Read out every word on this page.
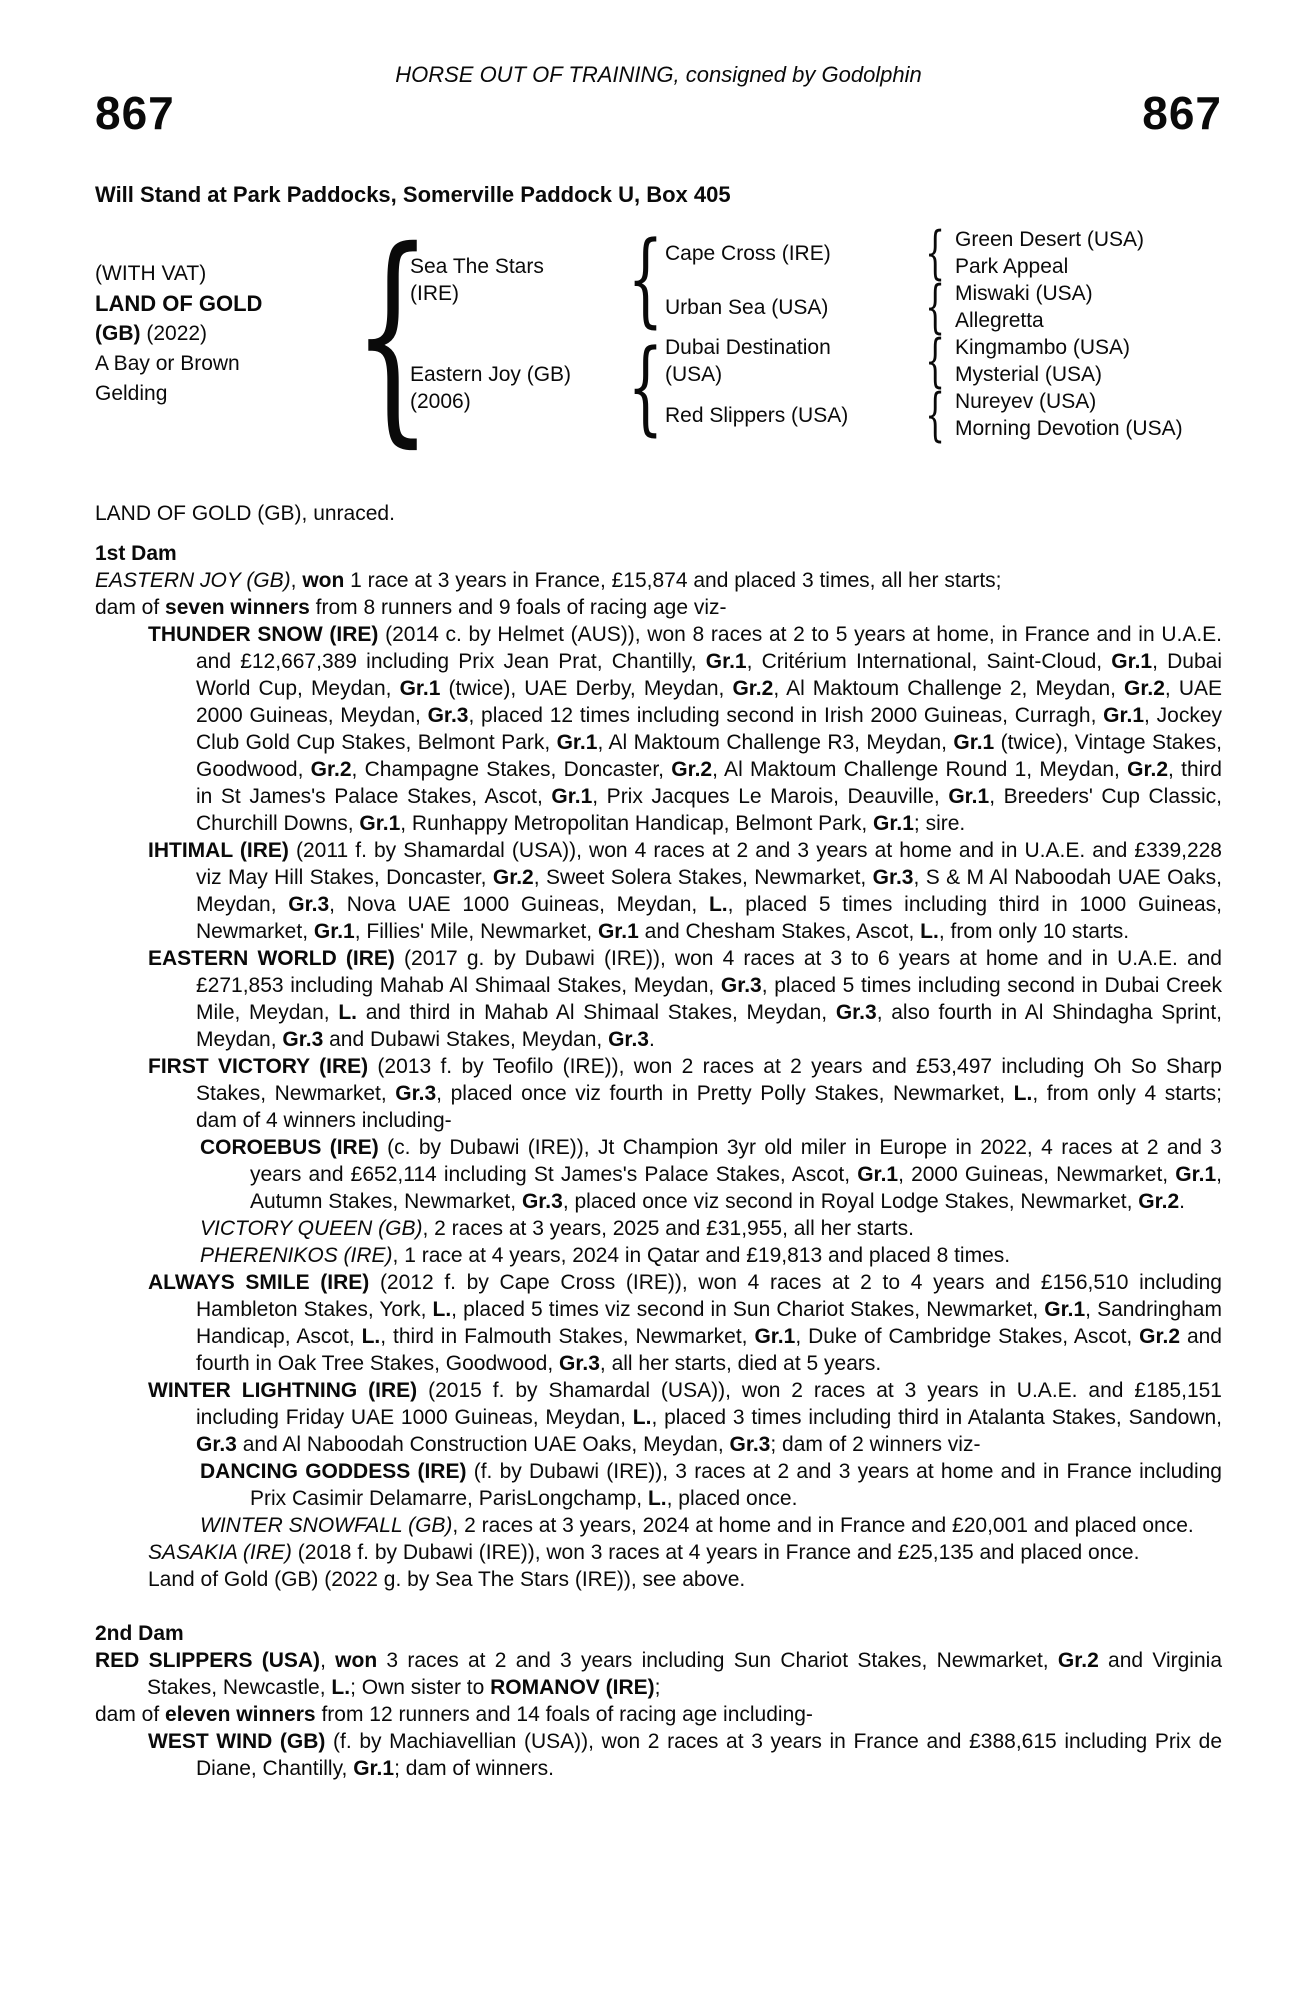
HORSE OUT OF TRAINING, consigned by Godolphin
867	867
Will Stand at Park Paddocks, Somerville Paddock U, Box 405
(WITH VAT)
LAND OF GOLD
(GB) (2022)
A Bay or Brown
Gelding
Sea The Stars
(IRE)
Eastern Joy (GB)
(2006)
Cape Cross (IRE)
Urban Sea (USA)
Dubai Destination
(USA)
Red Slippers (USA)
Green Desert (USA)
Park Appeal
Miswaki (USA)
Allegretta
Kingmambo (USA)
Mysterial (USA)
Nureyev (USA)
Morning Devotion (USA)

LAND OF GOLD (GB), unraced.

1st Dam

EASTERN JOY (GB), won 1 race at 3 years in France, £15,874 and placed 3 times, all her starts;

dam of seven winners from 8 runners and 9 foals of racing age viz-

THUNDER SNOW (IRE) (2014 c. by Helmet (AUS)), won 8 races at 2 to 5 years at home, in France and in U.A.E. and £12,667,389 including Prix Jean Prat, Chantilly, Gr.1, Critérium International, Saint-Cloud, Gr.1, Dubai World Cup, Meydan, Gr.1 (twice), UAE Derby, Meydan, Gr.2, Al Maktoum Challenge 2, Meydan, Gr.2, UAE 2000 Guineas, Meydan, Gr.3, placed 12 times including second in Irish 2000 Guineas, Curragh, Gr.1, Jockey Club Gold Cup Stakes, Belmont Park, Gr.1, Al Maktoum Challenge R3, Meydan, Gr.1 (twice), Vintage Stakes, Goodwood, Gr.2, Champagne Stakes, Doncaster, Gr.2, Al Maktoum Challenge Round 1, Meydan, Gr.2, third in St James's Palace Stakes, Ascot, Gr.1, Prix Jacques Le Marois, Deauville, Gr.1, Breeders' Cup Classic, Churchill Downs, Gr.1, Runhappy Metropolitan Handicap, Belmont Park, Gr.1; sire.

IHTIMAL (IRE) (2011 f. by Shamardal (USA)), won 4 races at 2 and 3 years at home and in U.A.E. and £339,228 viz May Hill Stakes, Doncaster, Gr.2, Sweet Solera Stakes, Newmarket, Gr.3, S & M Al Naboodah UAE Oaks, Meydan, Gr.3, Nova UAE 1000 Guineas, Meydan, L., placed 5 times including third in 1000 Guineas, Newmarket, Gr.1, Fillies' Mile, Newmarket, Gr.1 and Chesham Stakes, Ascot, L., from only 10 starts.

EASTERN WORLD (IRE) (2017 g. by Dubawi (IRE)), won 4 races at 3 to 6 years at home and in U.A.E. and £271,853 including Mahab Al Shimaal Stakes, Meydan, Gr.3, placed 5 times including second in Dubai Creek Mile, Meydan, L. and third in Mahab Al Shimaal Stakes, Meydan, Gr.3, also fourth in Al Shindagha Sprint, Meydan, Gr.3 and Dubawi Stakes, Meydan, Gr.3.

FIRST VICTORY (IRE) (2013 f. by Teofilo (IRE)), won 2 races at 2 years and £53,497 including Oh So Sharp Stakes, Newmarket, Gr.3, placed once viz fourth in Pretty Polly Stakes, Newmarket, L., from only 4 starts; dam of 4 winners including-

COROEBUS (IRE) (c. by Dubawi (IRE)), Jt Champion 3yr old miler in Europe in 2022, 4 races at 2 and 3 years and £652,114 including St James's Palace Stakes, Ascot, Gr.1, 2000 Guineas, Newmarket, Gr.1, Autumn Stakes, Newmarket, Gr.3, placed once viz second in Royal Lodge Stakes, Newmarket, Gr.2.

VICTORY QUEEN (GB), 2 races at 3 years, 2025 and £31,955, all her starts.

PHERENIKOS (IRE), 1 race at 4 years, 2024 in Qatar and £19,813 and placed 8 times.

ALWAYS SMILE (IRE) (2012 f. by Cape Cross (IRE)), won 4 races at 2 to 4 years and £156,510 including Hambleton Stakes, York, L., placed 5 times viz second in Sun Chariot Stakes, Newmarket, Gr.1, Sandringham Handicap, Ascot, L., third in Falmouth Stakes, Newmarket, Gr.1, Duke of Cambridge Stakes, Ascot, Gr.2 and fourth in Oak Tree Stakes, Goodwood, Gr.3, all her starts, died at 5 years.

WINTER LIGHTNING (IRE) (2015 f. by Shamardal (USA)), won 2 races at 3 years in U.A.E. and £185,151 including Friday UAE 1000 Guineas, Meydan, L., placed 3 times including third in Atalanta Stakes, Sandown, Gr.3 and Al Naboodah Construction UAE Oaks, Meydan, Gr.3; dam of 2 winners viz-

DANCING GODDESS (IRE) (f. by Dubawi (IRE)), 3 races at 2 and 3 years at home and in France including Prix Casimir Delamarre, ParisLongchamp, L., placed once.

WINTER SNOWFALL (GB), 2 races at 3 years, 2024 at home and in France and £20,001 and placed once.

SASAKIA (IRE) (2018 f. by Dubawi (IRE)), won 3 races at 4 years in France and £25,135 and placed once.

Land of Gold (GB) (2022 g. by Sea The Stars (IRE)), see above.

2nd Dam

RED SLIPPERS (USA), won 3 races at 2 and 3 years including Sun Chariot Stakes, Newmarket, Gr.2 and Virginia Stakes, Newcastle, L.; Own sister to ROMANOV (IRE);

dam of eleven winners from 12 runners and 14 foals of racing age including-

WEST WIND (GB) (f. by Machiavellian (USA)), won 2 races at 3 years in France and £388,615 including Prix de Diane, Chantilly, Gr.1; dam of winners.
